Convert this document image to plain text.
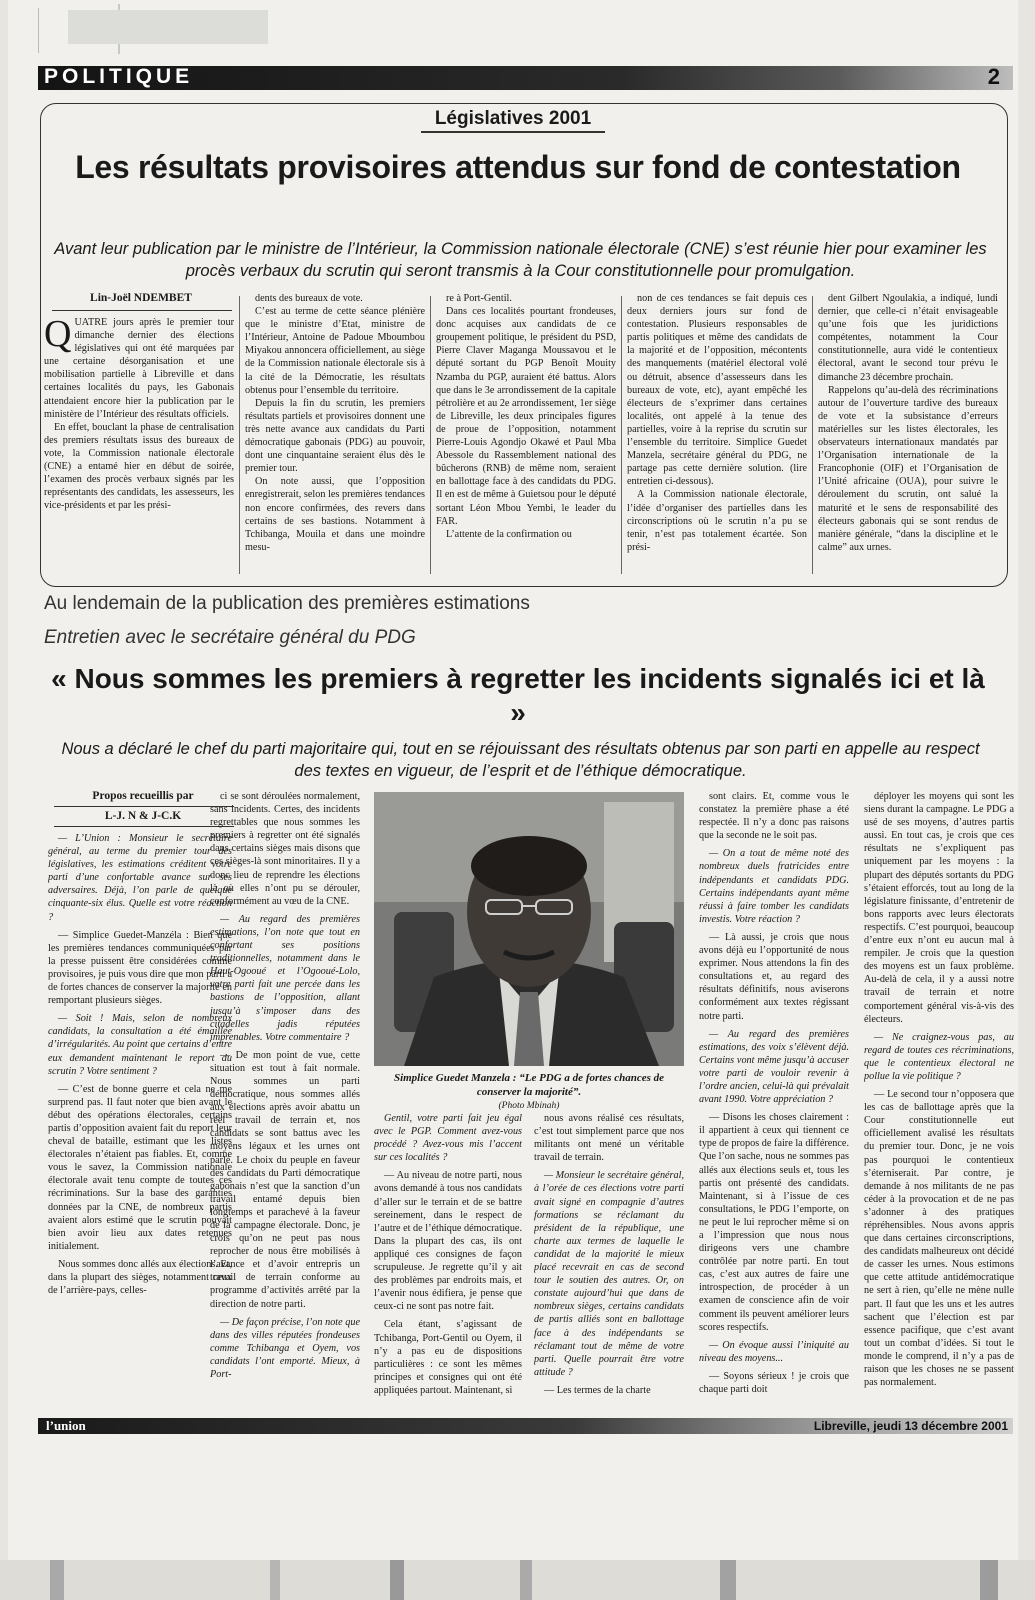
POLITIQUE	2
Législatives 2001
Les résultats provisoires attendus sur fond de contestation
Avant leur publication par le ministre de l’Intérieur, la Commission nationale électorale (CNE) s’est réunie hier pour examiner les procès verbaux du scrutin qui seront transmis à la Cour constitutionnelle pour promulgation.
Lin-Joël NDEMBET

QUATRE jours après le premier tour dimanche dernier des élections législatives qui ont été marquées par une certaine désorganisation et une mobilisation partielle à Libreville et dans certaines localités du pays, les Gabonais attendaient encore hier la publication par le ministère de l’Intérieur des résultats officiels.

En effet, bouclant la phase de centralisation des premiers résultats issus des bureaux de vote, la Commission nationale électorale (CNE) a entamé hier en début de soirée, l’examen des procès verbaux signés par les représentants des candidats, les assesseurs, les vice-présidents et par les prési-

dents des bureaux de vote.

C’est au terme de cette séance plénière que le ministre d’Etat, ministre de l’Intérieur, Antoine de Padoue Mboumbou Miyakou annoncera officiellement, au siège de la Commission nationale électorale sis à la cité de la Démocratie, les résultats obtenus pour l’ensemble du territoire.

Depuis la fin du scrutin, les premiers résultats partiels et provisoires donnent une très nette avance aux candidats du Parti démocratique gabonais (PDG) au pouvoir, dont une cinquantaine seraient élus dès le premier tour.

On note aussi, que l’opposition enregistrerait, selon les premières tendances non encore confirmées, des revers dans certains de ses bastions. Notamment à Tchibanga, Mouila et dans une moindre mesu-

re à Port-Gentil.

Dans ces localités pourtant frondeuses, donc acquises aux candidats de ce groupement politique, le président du PSD, Pierre Claver Maganga Moussavou et le député sortant du PGP Benoît Mouity Nzamba du PGP, auraient été battus. Alors que dans le 3e arrondissement de la capitale pétrolière et au 2e arrondissement, 1er siège de Libreville, les deux principales figures de proue de l’opposition, notamment Pierre-Louis Agondjo Okawé et Paul Mba Abessole du Rassemblement national des bûcherons (RNB) de même nom, seraient en ballottage face à des candidats du PDG. Il en est de même à Guietsou pour le député sortant Léon Mbou Yembi, le leader du FAR.

L’attente de la confirmation ou

non de ces tendances se fait depuis ces deux derniers jours sur fond de contestation. Plusieurs responsables de partis politiques et même des candidats de la majorité et de l’opposition, mécontents des manquements (matériel électoral volé ou détruit, absence d’assesseurs dans les bureaux de vote, etc), ayant empêché les électeurs de s’exprimer dans certaines localités, ont appelé à la tenue des partielles, voire à la reprise du scrutin sur l’ensemble du territoire. Simplice Guedet Manzela, secrétaire général du PDG, ne partage pas cette dernière solution. (lire entretien ci-dessous).

A la Commission nationale électorale, l’idée d’organiser des partielles dans les circonscriptions où le scrutin n’a pu se tenir, n’est pas totalement écartée. Son prési-

dent Gilbert Ngoulakia, a indiqué, lundi dernier, que celle-ci n’était envisageable qu’une fois que les juridictions compétentes, notamment la Cour constitutionnelle, aura vidé le contentieux électoral, avant le second tour prévu le dimanche 23 décembre prochain.

Rappelons qu’au-delà des récriminations autour de l’ouverture tardive des bureaux de vote et la subsistance d’erreurs matérielles sur les listes électorales, les observateurs internationaux mandatés par l’Organisation internationale de la Francophonie (OIF) et l’Organisation de l’Unité africaine (OUA), pour suivre le déroulement du scrutin, ont salué la maturité et le sens de responsabilité des électeurs gabonais qui se sont rendus de manière générale, “dans la discipline et le calme” aux urnes.

Au lendemain de la publication des premières estimations
Entretien avec le secrétaire général du PDG
« Nous sommes les premiers à regretter les incidents signalés ici et là »
Nous a déclaré le chef du parti majoritaire qui, tout en se réjouissant des résultats obtenus par son parti en appelle au respect des textes en vigueur, de l’esprit et de l’éthique démocratique.
Propos recueillis par
L-J. N & J-C.K

— L’Union : Monsieur le secrétaire général, au terme du premier tour des législatives, les estimations créditent votre parti d’une confortable avance sur ses adversaires. Déjà, l’on parle de quelque cinquante-six élus. Quelle est votre réaction ?

— Simplice Guedet-Manzéla : Bien que les premières tendances communiquées par la presse puissent être considérées comme provisoires, je puis vous dire que mon parti a de fortes chances de conserver la majorité en remportant plusieurs sièges.

— Soit ! Mais, selon de nombreux candidats, la consultation a été émaillée d’irrégularités. Au point que certains d’entre eux demandent maintenant le report du scrutin ? Votre sentiment ?

— C’est de bonne guerre et cela ne me surprend pas. Il faut noter que bien avant le début des opérations électorales, certains partis d’opposition avaient fait du report leur cheval de bataille, estimant que les listes électorales n’étaient pas fiables. Et, comme vous le savez, la Commission nationale électorale avait tenu compte de toutes ces récriminations. Sur la base des garanties données par la CNE, de nombreux partis avaient alors estimé que le scrutin pouvait bien avoir lieu aux dates retenues initialement.

Nous sommes donc allés aux élections. Et, dans la plupart des sièges, notamment ceux de l’arrière-pays, celles-

ci se sont déroulées normalement, sans incidents. Certes, des incidents regrettables que nous sommes les premiers à regretter ont été signalés dans certains sièges mais disons que ces sièges-là sont minoritaires. Il y a donc lieu de reprendre les élections là où elles n’ont pu se dérouler, conformément au vœu de la CNE.

— Au regard des premières estimations, l’on note que tout en confortant ses positions traditionnelles, notamment dans le Haut-Ogooué et l’Ogooué-Lolo, votre parti fait une percée dans les bastions de l’opposition, allant jusqu’à s’imposer dans des citadelles jadis réputées imprenables. Votre commentaire ?

— De mon point de vue, cette situation est tout à fait normale. Nous sommes un parti démocratique, nous sommes allés aux élections après avoir abattu un réel travail de terrain et, nos candidats se sont battus avec les moyens légaux et les urnes ont parlé. Le choix du peuple en faveur des candidats du Parti démocratique gabonais n’est que la sanction d’un travail entamé depuis bien longtemps et parachevé à la faveur de la campagne électorale. Donc, je crois qu’on ne peut pas nous reprocher de nous être mobilisés à l’avance et d’avoir entrepris un travail de terrain conforme au programme d’activités arrêté par la direction de notre parti.

— De façon précise, l’on note que dans des villes réputées frondeuses comme Tchibanga et Oyem, vos candidats l’ont emporté. Mieux, à Port-

Gentil, votre parti fait jeu égal avec le PGP. Comment avez-vous procédé ? Avez-vous mis l’accent sur ces localités ?

— Au niveau de notre parti, nous avons demandé à tous nos candidats d’aller sur le terrain et de se battre sereinement, dans le respect de l’autre et de l’éthique démocratique. Dans la plupart des cas, ils ont appliqué ces consignes de façon scrupuleuse. Je regrette qu’il y ait des problèmes par endroits mais, et l’avenir nous édifiera, je pense que ceux-ci ne sont pas notre fait.

Cela étant, s’agissant de Tchibanga, Port-Gentil ou Oyem, il n’y a pas eu de dispositions particulières : ce sont les mêmes principes et consignes qui ont été appliquées partout. Maintenant, si

nous avons réalisé ces résultats, c’est tout simplement parce que nos militants ont mené un véritable travail de terrain.

— Monsieur le secrétaire général, à l’orée de ces élections votre parti avait signé en compagnie d’autres formations se réclamant du président de la république, une charte aux termes de laquelle le candidat de la majorité le mieux placé recevrait en cas de second tour le soutien des autres. Or, on constate aujourd’hui que dans de nombreux sièges, certains candidats de partis alliés sont en ballottage face à des indépendants se réclamant tout de même de votre parti. Quelle pourrait être votre attitude ?

— Les termes de la charte

sont clairs. Et, comme vous le constatez la première phase a été respectée. Il n’y a donc pas raisons que la seconde ne le soit pas.

— On a tout de même noté des nombreux duels fratricides entre indépendants et candidats PDG. Certains indépendants ayant même réussi à faire tomber les candidats investis. Votre réaction ?

— Là aussi, je crois que nous avons déjà eu l’opportunité de nous exprimer. Nous attendons la fin des consultations et, au regard des résultats définitifs, nous aviserons conformément aux textes régissant notre parti.

— Au regard des premières estimations, des voix s’élèvent déjà. Certains vont même jusqu’à accuser votre parti de vouloir revenir à l’ordre ancien, celui-là qui prévalait avant 1990. Votre appréciation ?

— Disons les choses clairement : il appartient à ceux qui tiennent ce type de propos de faire la différence. Que l’on sache, nous ne sommes pas allés aux élections seuls et, tous les partis ont présenté des candidats. Maintenant, si à l’issue de ces consultations, le PDG l’emporte, on ne peut le lui reprocher même si on a l’impression que nous nous dirigeons vers une chambre contrôlée par notre parti. En tout cas, c’est aux autres de faire une introspection, de procéder à un examen de conscience afin de voir comment ils peuvent améliorer leurs scores respectifs.

— On évoque aussi l’iniquité au niveau des moyens...

— Soyons sérieux ! je crois que chaque parti doit

déployer les moyens qui sont les siens durant la campagne. Le PDG a usé de ses moyens, d’autres partis aussi. En tout cas, je crois que ces résultats ne s’expliquent pas uniquement par les moyens : la plupart des députés sortants du PDG s’étaient efforcés, tout au long de la législature finissante, d’entretenir de bons rapports avec leurs électorats respectifs. C’est pourquoi, beaucoup d’entre eux n’ont eu aucun mal à rempiler. Je crois que la question des moyens est un faux problème. Au-delà de cela, il y a aussi notre travail de terrain et notre comportement général vis-à-vis des électeurs.

— Ne craignez-vous pas, au regard de toutes ces récriminations, que le contentieux électoral ne pollue la vie politique ?

— Le second tour n’opposera que les cas de ballottage après que la Cour constitutionnelle eut officiellement avalisé les résultats du premier tour. Donc, je ne vois pas pourquoi le contentieux s’éterniserait. Par contre, je demande à nos militants de ne pas céder à la provocation et de ne pas s’adonner à des pratiques répréhensibles. Nous avons appris que dans certaines circonscriptions, des candidats malheureux ont décidé de casser les urnes. Nous estimons que cette attitude antidémocratique ne sert à rien, qu’elle ne mène nulle part. Il faut que les uns et les autres sachent que l’élection est par essence pacifique, que c’est avant tout un combat d’idées. Si tout le monde le comprend, il n’y a pas de raison que les choses ne se passent pas normalement.

Simplice Guedet Manzela : “Le PDG a de fortes chances de conserver la majorité”.
(Photo Mbinah)
l’union	Libreville, jeudi 13 décembre 2001
